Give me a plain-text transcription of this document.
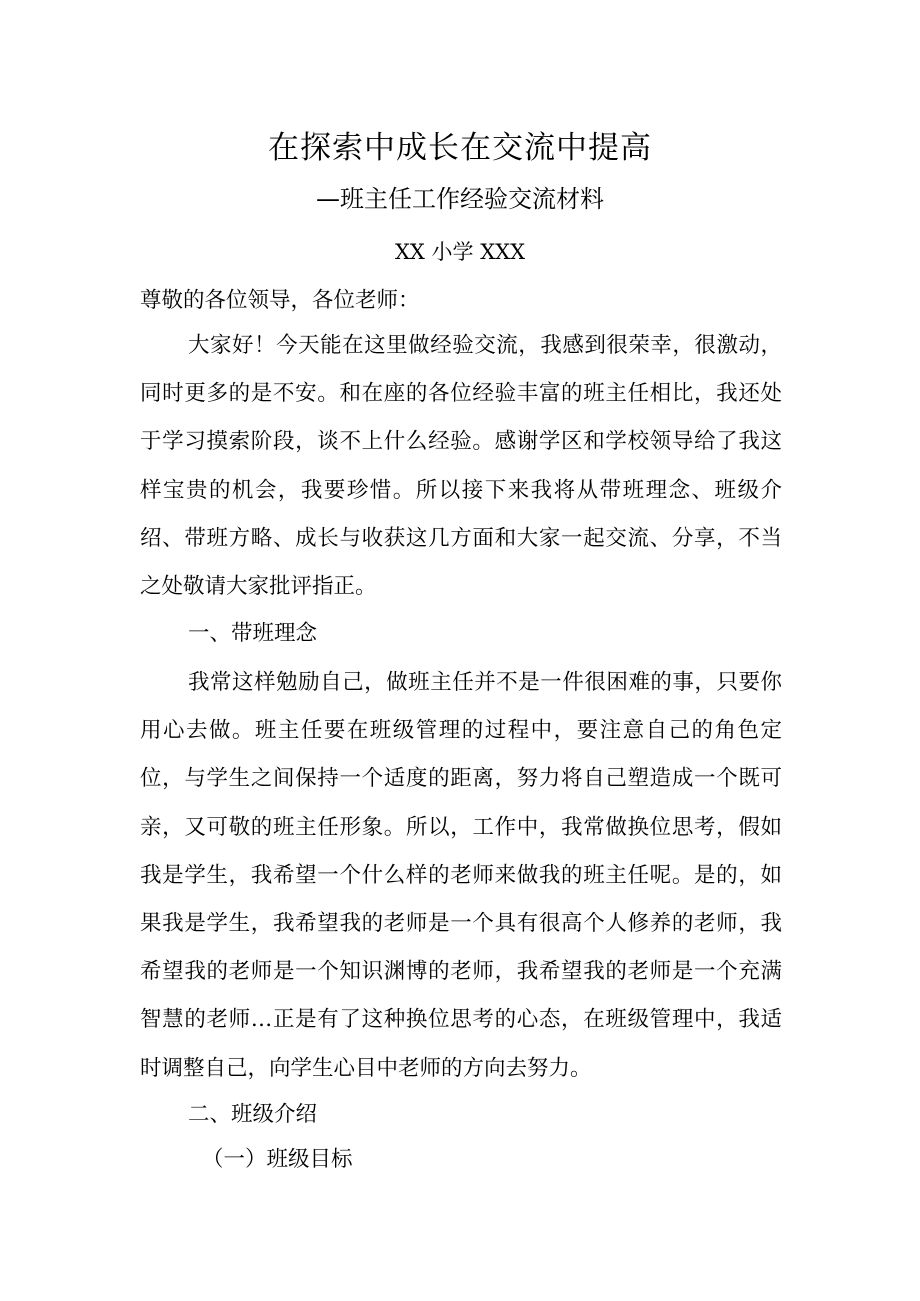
在探索中成长在交流中提高
—班主任工作经验交流材料

XX 小学 XXX

尊敬的各位领导，各位老师：

大家好！今天能在这里做经验交流，我感到很荣幸，很激动，同时更多的是不安。和在座的各位经验丰富的班主任相比，我还处于学习摸索阶段，谈不上什么经验。感谢学区和学校领导给了我这样宝贵的机会，我要珍惜。所以接下来我将从带班理念、班级介绍、带班方略、成长与收获这几方面和大家一起交流、分享，不当之处敬请大家批评指正。

一、带班理念

我常这样勉励自己，做班主任并不是一件很困难的事，只要你用心去做。班主任要在班级管理的过程中，要注意自己的角色定位，与学生之间保持一个适度的距离，努力将自己塑造成一个既可亲，又可敬的班主任形象。所以，工作中，我常做换位思考，假如我是学生，我希望一个什么样的老师来做我的班主任呢。是的，如果我是学生，我希望我的老师是一个具有很高个人修养的老师，我希望我的老师是一个知识渊博的老师，我希望我的老师是一个充满智慧的老师…正是有了这种换位思考的心态，在班级管理中，我适时调整自己，向学生心目中老师的方向去努力。

二、班级介绍
（一）班级目标
